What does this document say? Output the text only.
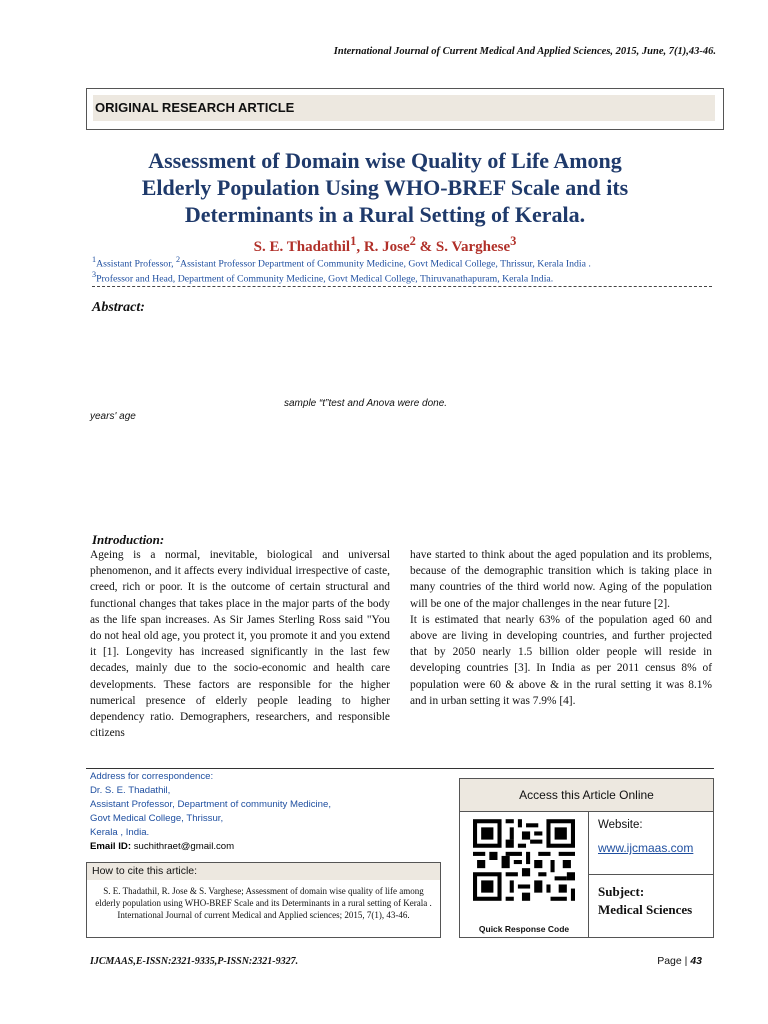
International Journal of Current Medical And Applied Sciences, 2015, June, 7(1),43-46.
ORIGINAL RESEARCH ARTICLE
Assessment of Domain wise Quality of Life Among
Elderly Population Using WHO-BREF Scale and its
Determinants in a Rural Setting of Kerala.
S. E. Thadathil$^1$, R. Jose$^2$ & S. Varghese$^3$
$^1$Assistant Professor, $^2$Assistant Professor Department of Community Medicine, Govt Medical College, Thrissur, Kerala India .
$^3$Professor and Head, Department of Community Medicine, Govt Medical College, Thiruvanathapuram, Kerala India.
Abstract:
sample “t”test and Anova were done.
years' age
Introduction:

Ageing is a normal, inevitable, biological and universal phenomenon, and it affects every individual irrespective of caste, creed, rich or poor. It is the outcome of certain structural and functional changes that takes place in the major parts of the body as the life span increases. As Sir James Sterling Ross said "You do not heal old age, you protect it, you promote it and you extend it [1]. Longevity has increased significantly in the last few decades, mainly due to the socio-economic and health care developments. These factors are responsible for the higher numerical presence of elderly people leading to higher dependency ratio. Demographers, researchers, and responsible citizens

have started to think about the aged population and its problems, because of the demographic transition which is taking place in many countries of the third world now. Aging of the population will be one of the major challenges in the near future [2].

It is estimated that nearly 63% of the population aged 60 and above are living in developing countries, and further projected that by 2050 nearly 1.5 billion older people will reside in developing countries [3]. In India as per 2011 census 8% of population were 60 & above & in the rural setting it was 8.1% and in urban setting it was 7.9% [4].

Address for correspondence:
Dr. S. E. Thadathil,
Assistant Professor, Department of community Medicine,
Govt Medical College, Thrissur,
Kerala , India.
Email ID: suchithraet@gmail.com
How to cite this article:
S. E. Thadathil, R. Jose & S. Varghese; Assessment of domain wise quality of life among elderly population using WHO-BREF Scale and its Determinants in a rural setting of Kerala . International Journal of current Medical and Applied sciences; 2015, 7(1), 43-46.
Access this Article Online
Quick Response Code
Website:
www.ijcmaas.com
Subject:
Medical Sciences
IJCMAAS,E-ISSN:2321-9335,P-ISSN:2321-9327.	Page | 43
